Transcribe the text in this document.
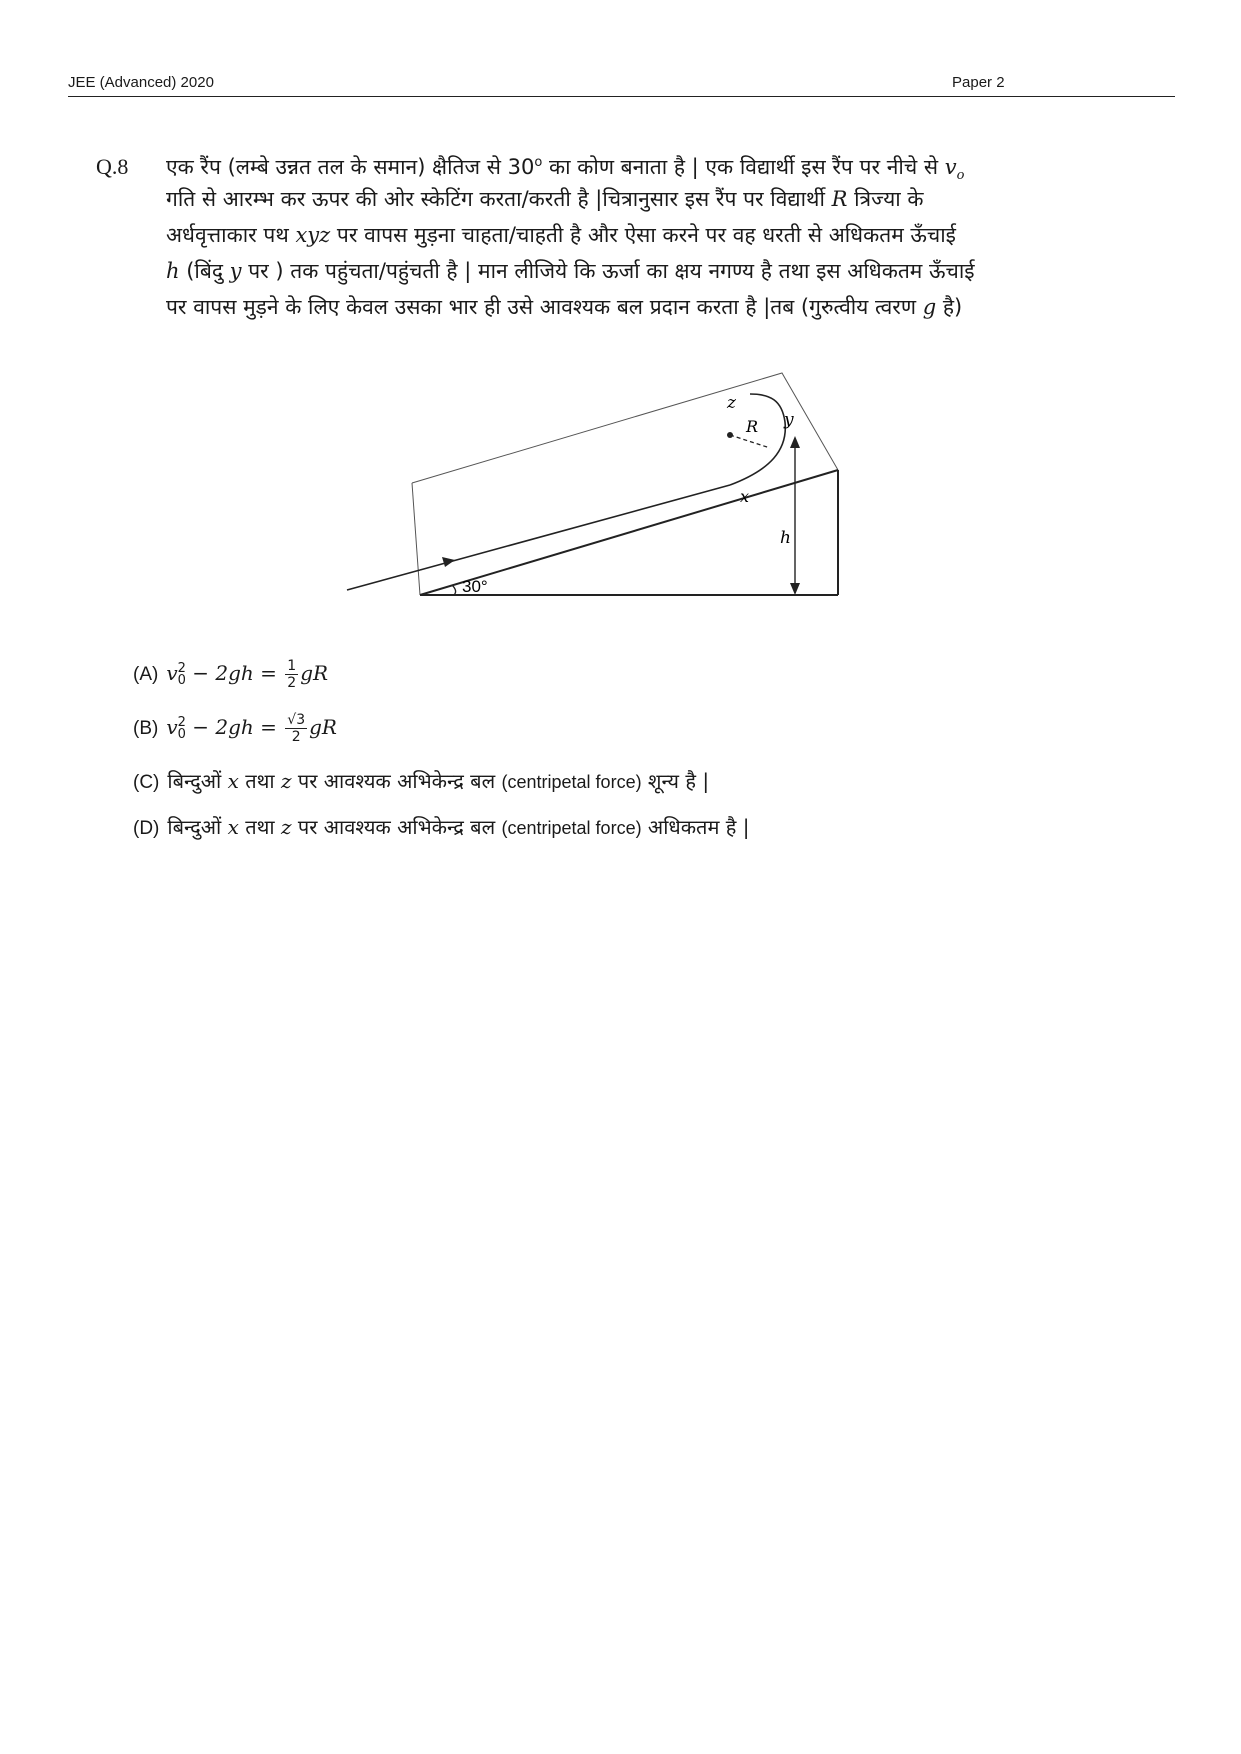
JEE (Advanced) 2020	Paper 2
Q.8 एक रैंप (लम्बे उन्नत तल के समान) क्षैतिज से 30$^o$ का कोण बनाता है | एक विद्यार्थी इस रैंप पर नीचे से $v_o$
गति से आरम्भ कर ऊपर की ओर स्केटिंग करता/करती है |चित्रानुसार इस रैंप पर विद्यार्थी R त्रिज्या के
अर्धवृत्ताकार पथ xyz पर वापस मुड़ना चाहता/चाहती है और ऐसा करने पर वह धरती से अधिकतम ऊँचाई
h (बिंदु y पर ) तक पहुंचता/पहुंचती है | मान लीजिये कि ऊर्जा का क्षय नगण्य है तथा इस अधिकतम ऊँचाई
पर वापस मुड़ने के लिए केवल उसका भार ही उसे आवश्यक बल प्रदान करता है |तब (गुरुत्वीय त्वरण g है)
z
R y
x
h
30°
(A) v 2
$0 - 2gh = \frac{1}{2}$ gR
(B) v 2
$0 - 2gh = \frac{√3}{2}$ gR
(C) बिन्दुओं x तथा z पर आवश्यक अभिकेन्द्र बल (centripetal force) शून्य है |
(D) बिन्दुओं x तथा z पर आवश्यक अभिकेन्द्र बल (centripetal force) अधिकतम है |
